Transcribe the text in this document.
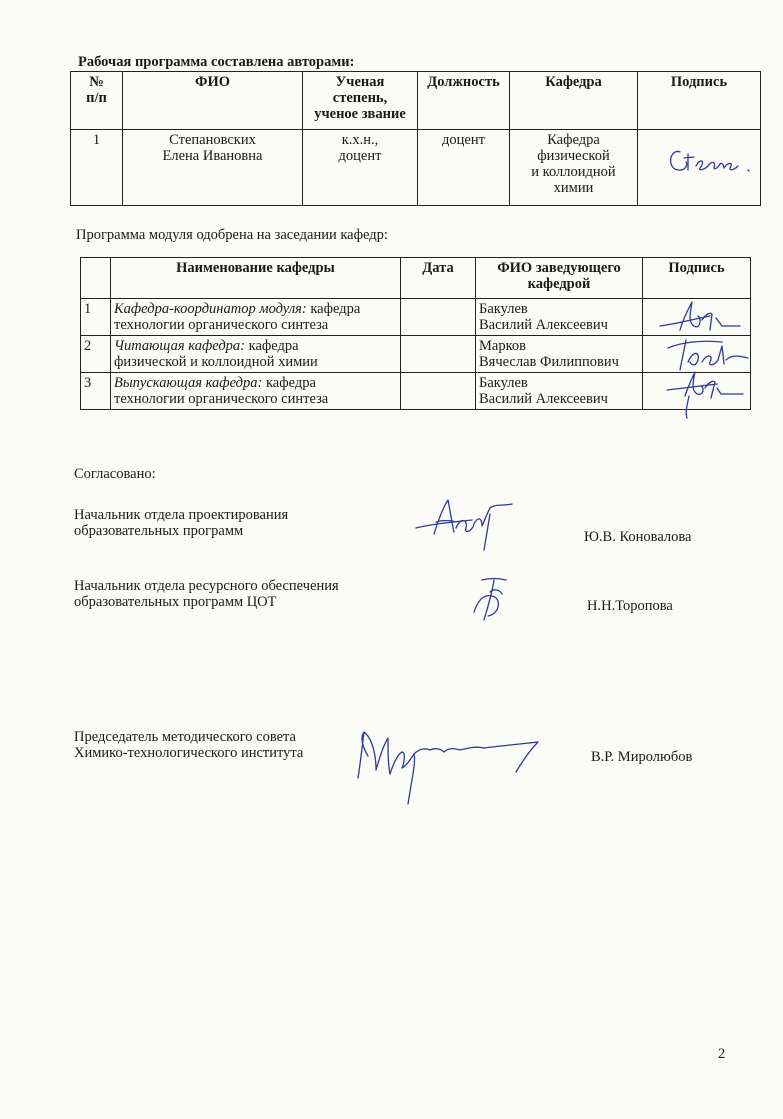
Рабочая программа составлена авторами:
№
п/п	ФИО	Ученая
степень,
ученое звание	Должность	Кафедра	Подпись
1	Степановских
Елена Ивановна	к.х.н.,
доцент	доцент	Кафедра
физической
и коллоидной
химии	
Программа модуля одобрена на заседании кафедр:
	Наименование кафедры	Дата	ФИО заведующего
кафедрой	Подпись
1	Кафедра-координатор модуля: кафедра
технологии органического синтеза		Бакулев
Василий Алексеевич	
2	Читающая кафедра: кафедра
физической и коллоидной химии		Марков
Вячеслав Филиппович	
3	Выпускающая кафедра: кафедра
технологии органического синтеза		Бакулев
Василий Алексеевич	
Согласовано:
Начальник отдела проектирования
образовательных программ	Ю.В. Коновалова
Начальник отдела ресурсного обеспечения
образовательных программ ЦОТ	Н.Н.Торопова
Председатель методического совета
Химико-технологического института	В.Р. Миролюбов
2
